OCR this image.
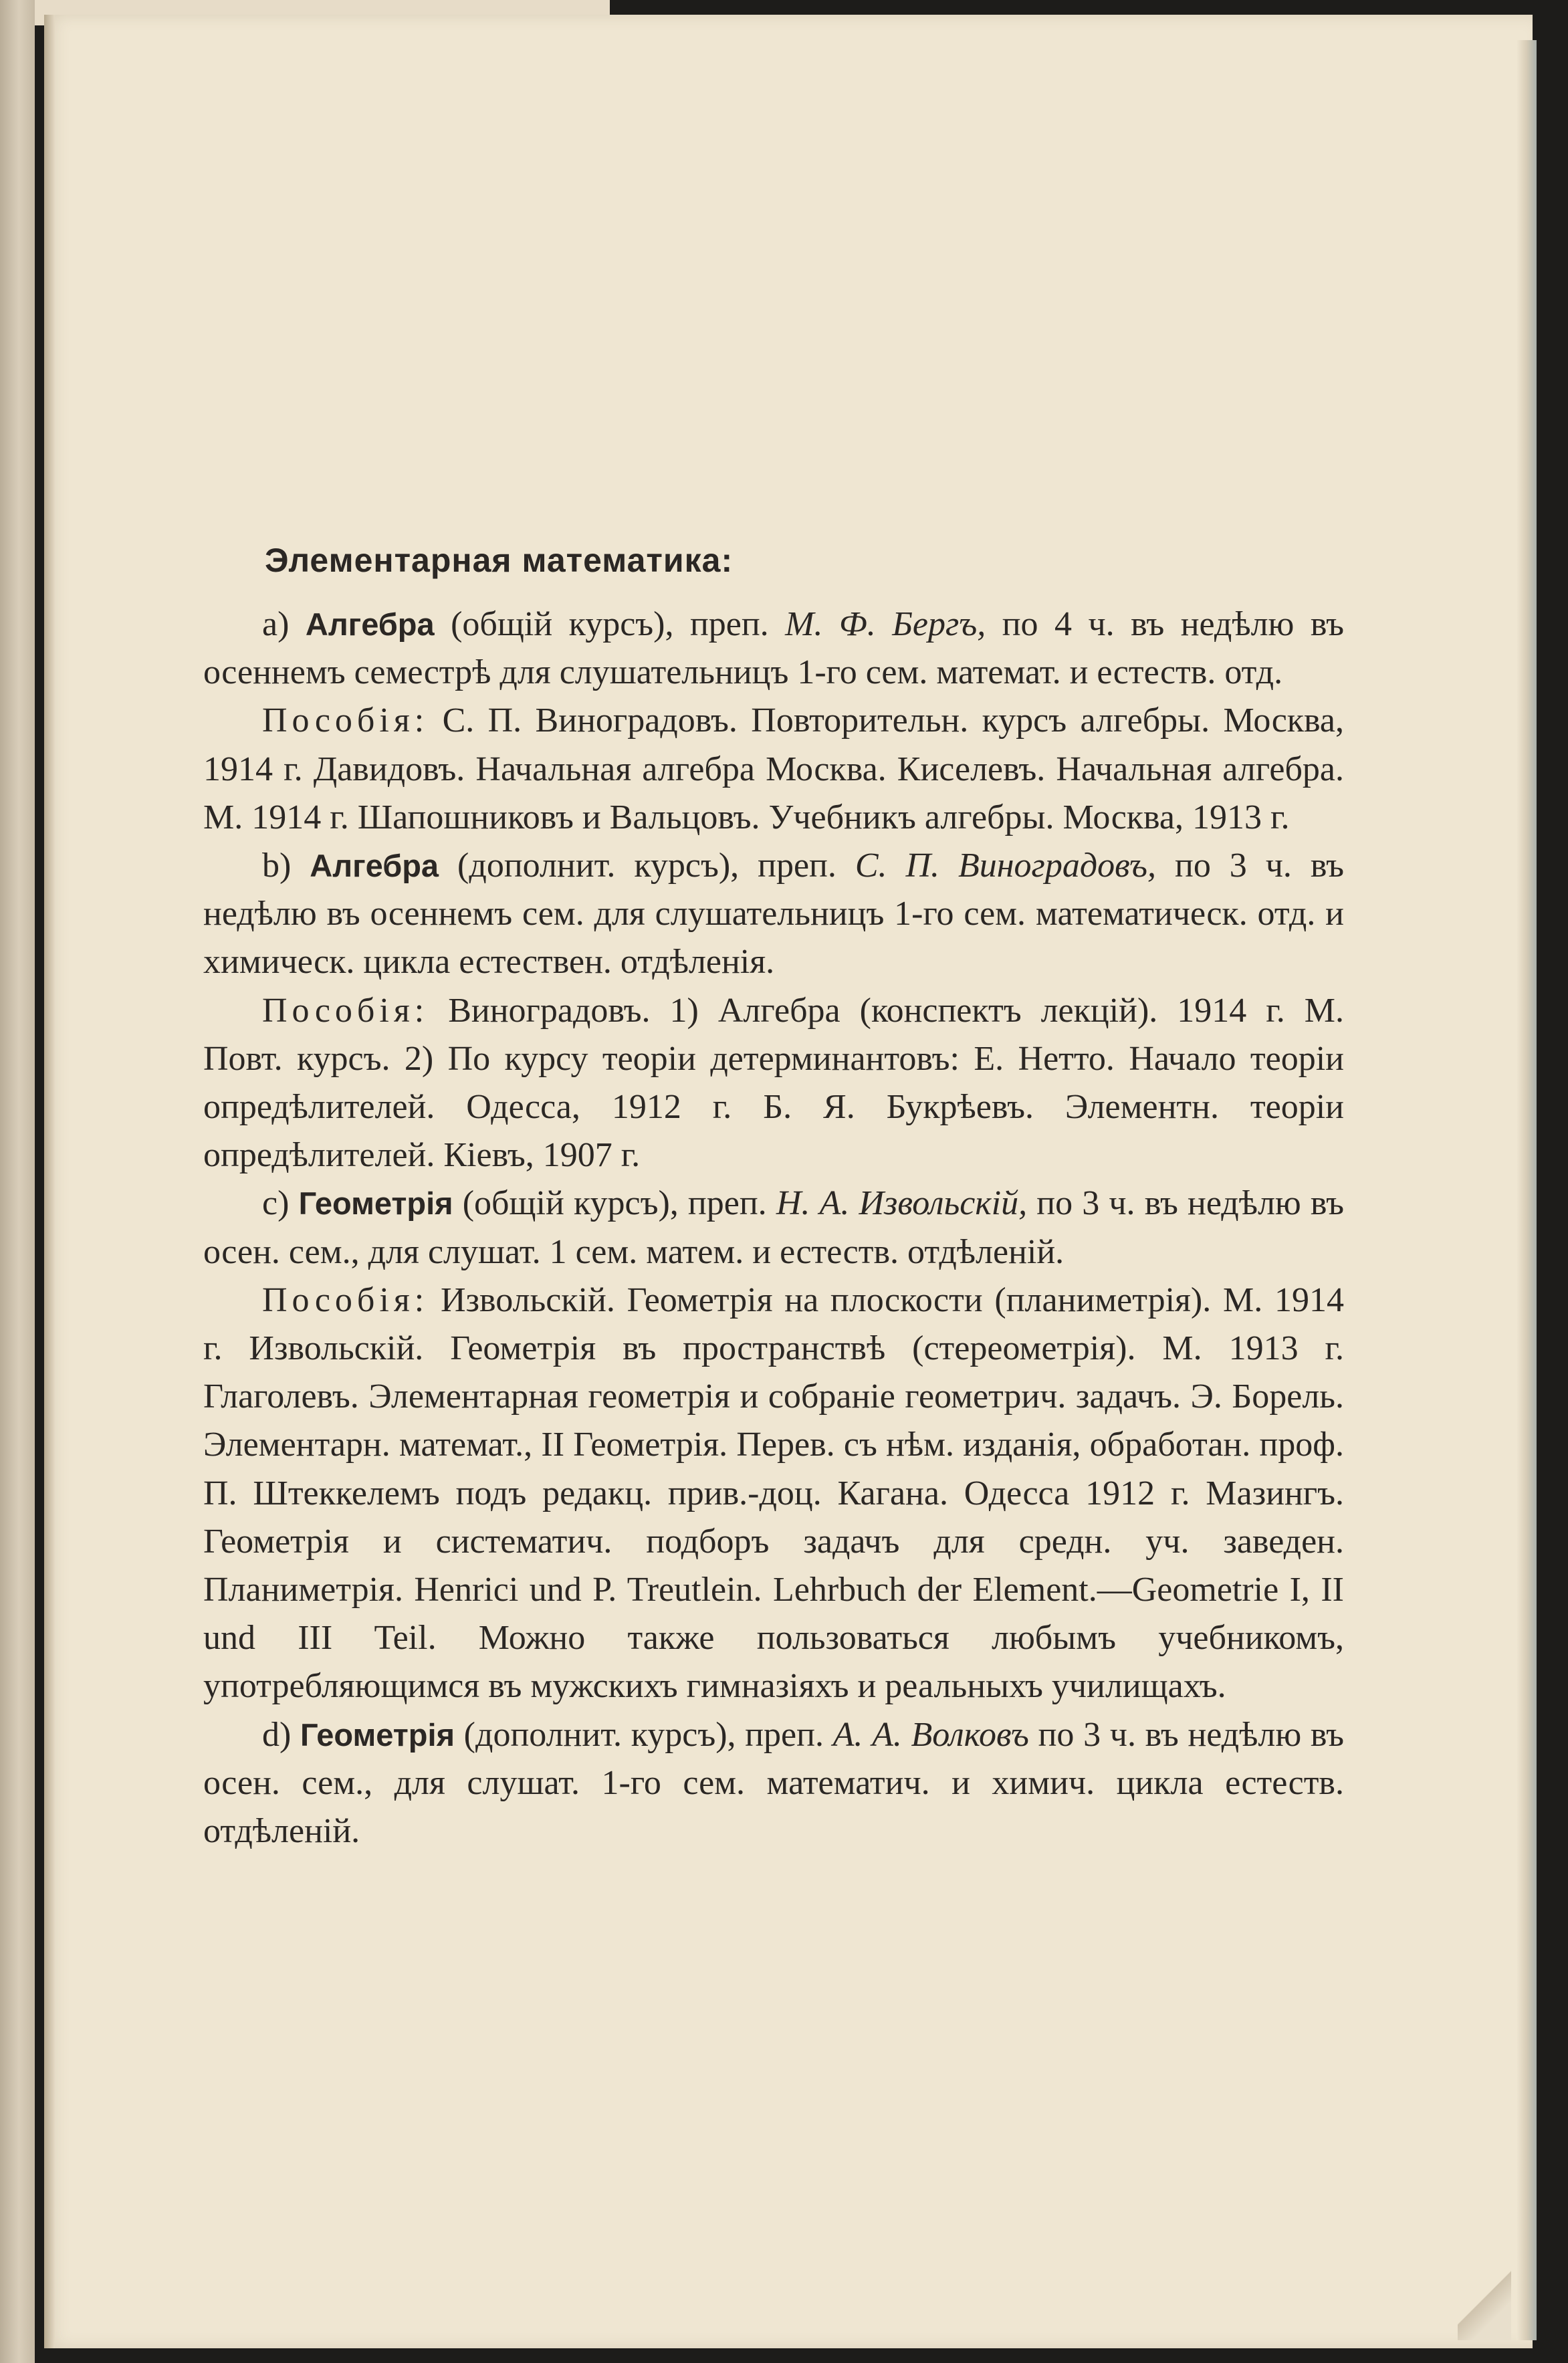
Элементарная математика:

a) Алгебра (общій курсъ), преп. М. Ф. Бергъ, по 4 ч. въ недѣлю въ осеннемъ семестрѣ для слушательницъ 1-го сем. математ. и естеств. отд.

Пособія: С. П. Виноградовъ. Повторительн. курсъ алгебры. Москва, 1914 г. Давидовъ. Начальная алгебра Москва. Киселевъ. Начальная алгебра. М. 1914 г. Шапошниковъ и Вальцовъ. Учебникъ алгебры. Москва, 1913 г.

b) Алгебра (дополнит. курсъ), преп. С. П. Виноградовъ, по 3 ч. въ недѣлю въ осеннемъ сем. для слушательницъ 1-го сем. математическ. отд. и химическ. цикла естествен. отдѣленія.

Пособія: Виноградовъ. 1) Алгебра (конспектъ лекцій). 1914 г. М. Повт. курсъ. 2) По курсу теоріи детерминантовъ: Е. Нетто. Начало теоріи опредѣлителей. Одесса, 1912 г. Б. Я. Букрѣевъ. Элементн. теоріи опредѣлителей. Кіевъ, 1907 г.

c) Геометрія (общій курсъ), преп. Н. А. Извольскій, по 3 ч. въ недѣлю въ осен. сем., для слушат. 1 сем. матем. и естеств. отдѣленій.

Пособія: Извольскій. Геометрія на плоскости (планиметрія). М. 1914 г. Извольскій. Геометрія въ пространствѣ (стереометрія). М. 1913 г. Глаголевъ. Элементарная геометрія и собраніе геометрич. задачъ. Э. Борель. Элементарн. математ., II Геометрія. Перев. съ нѣм. изданія, обработан. проф. П. Штеккелемъ подъ редакц. прив.-доц. Кагана. Одесса 1912 г. Мазингъ. Геометрія и систематич. подборъ задачъ для средн. уч. заведен. Планиметрія. Henrici und P. Treutlein. Lehrbuch der Element.—Geometrie I, II und III Teil. Можно также пользоваться любымъ учебникомъ, употребляющимся въ мужскихъ гимназіяхъ и реальныхъ училищахъ.

d) Геометрія (дополнит. курсъ), преп. А. А. Волковъ по 3 ч. въ недѣлю въ осен. сем., для слушат. 1-го сем. математич. и химич. цикла естеств. отдѣленій.
